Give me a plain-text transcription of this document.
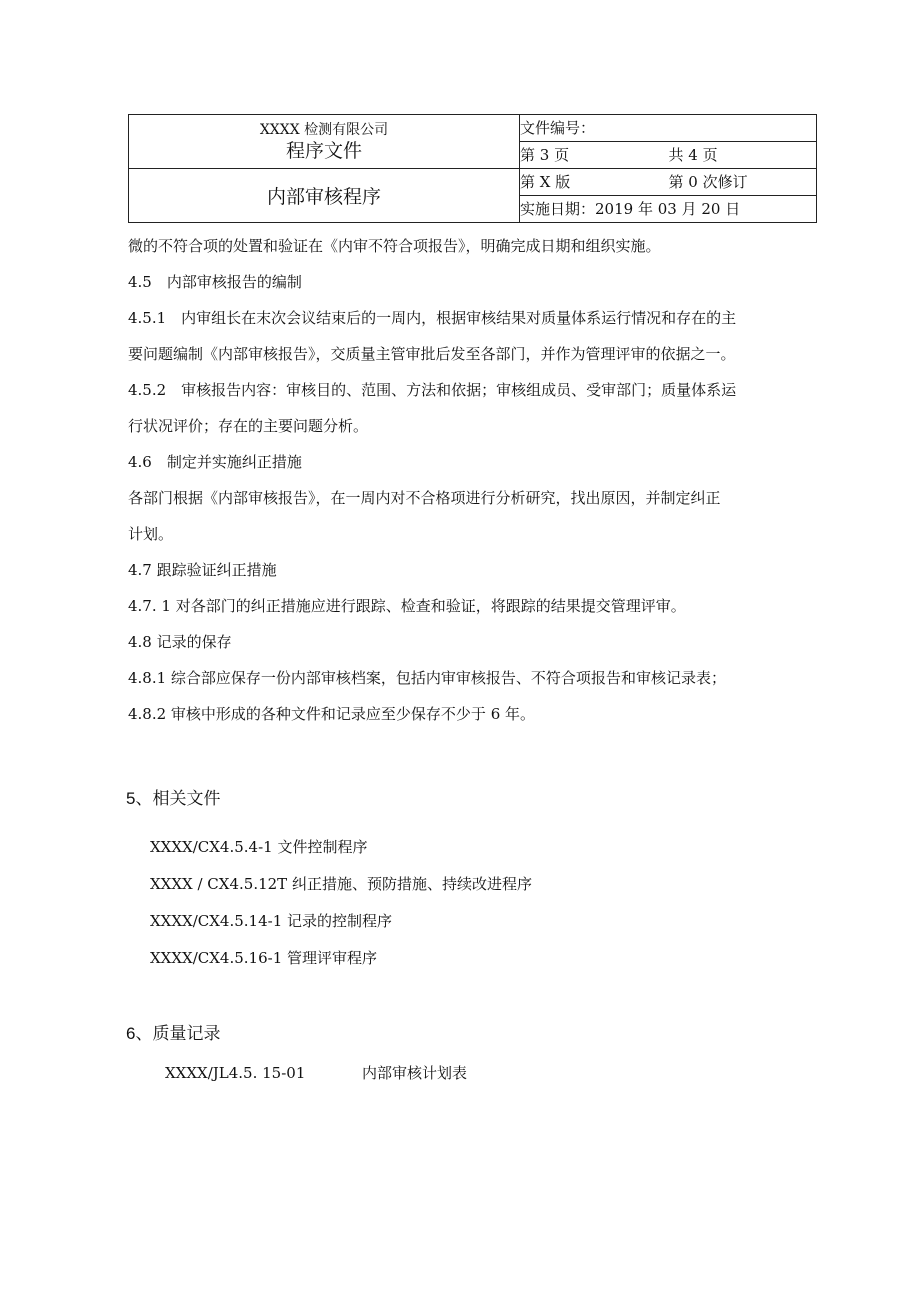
XXXX 检测有限公司
程序文件	文件编号：
	第 3 页 共 4 页

内部审核程序	第 X 版 第 0 次修订

	实施日期：2019 年 03 月 20 日

微的不符合项的处置和验证在《内审不符合项报告》，明确完成日期和组织实施。

4.5　内部审核报告的编制

4.5.1　内审组长在末次会议结束后的一周内，根据审核结果对质量体系运行情况和存在的主

要问题编制《内部审核报告》，交质量主管审批后发至各部门，并作为管理评审的依据之一。

4.5.2　审核报告内容：审核目的、范围、方法和依据；审核组成员、受审部门；质量体系运

行状况评价；存在的主要问题分析。

4.6　制定并实施纠正措施

各部门根据《内部审核报告》，在一周内对不合格项进行分析研究，找出原因，并制定纠正

计划。

4.7 跟踪验证纠正措施

4.7. 1 对各部门的纠正措施应进行跟踪、检查和验证，将跟踪的结果提交管理评审。

4.8 记录的保存

4.8.1 综合部应保存一份内部审核档案，包括内审审核报告、不符合项报告和审核记录表；

4.8.2 审核中形成的各种文件和记录应至少保存不少于 6 年。

5、相关文件

XXXX/CX4.5.4-1 文件控制程序

XXXX / CX4.5.12T 纠正措施、预防措施、持续改进程序

XXXX/CX4.5.14-1 记录的控制程序

XXXX/CX4.5.16-1 管理评审程序

6、质量记录

XXXX/JL4.5. 15-01	内部审核计划表
